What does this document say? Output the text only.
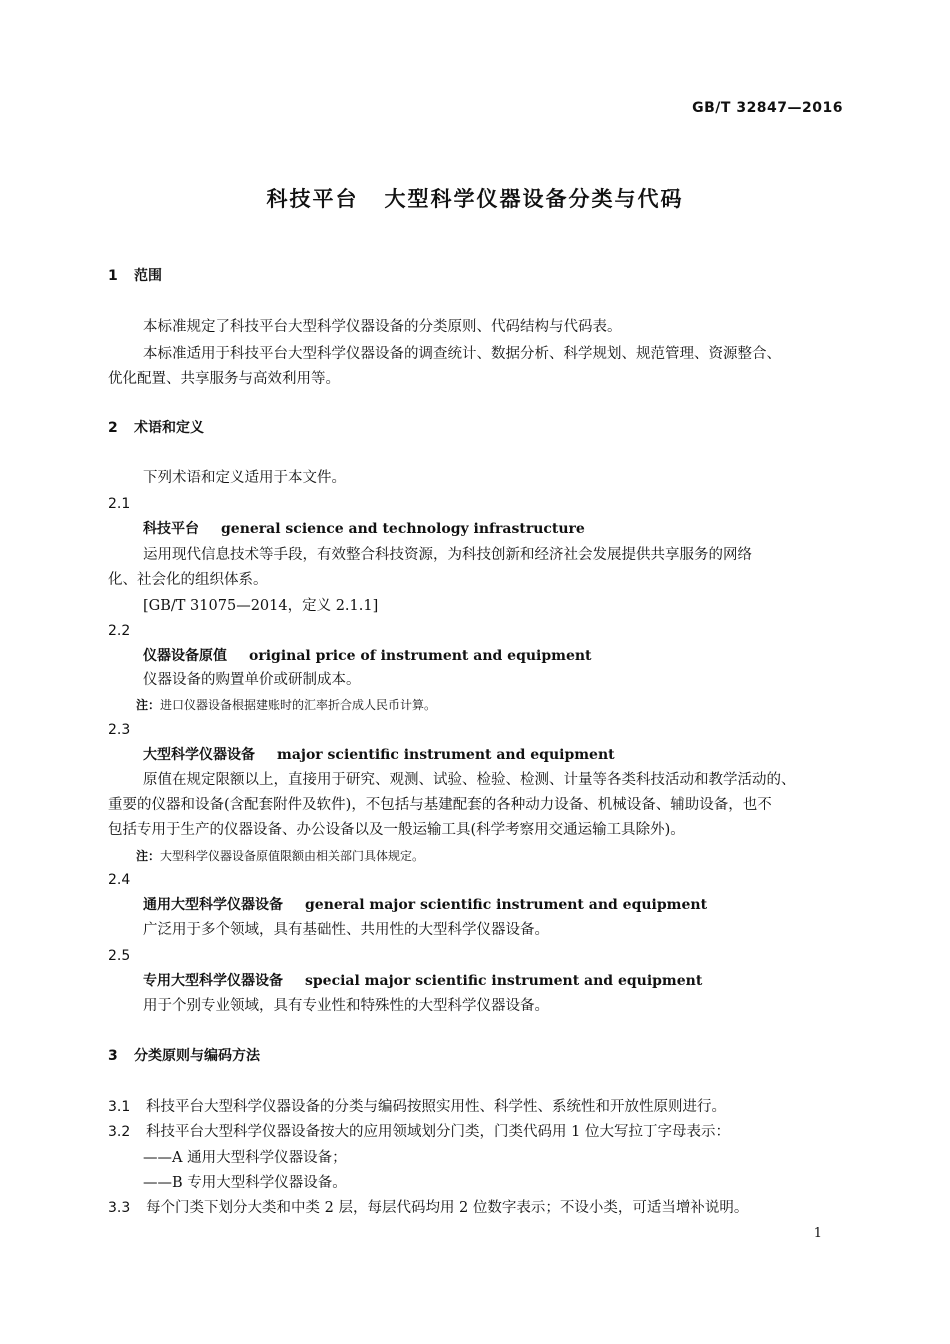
GB/T 32847—2016
科技平台 大型科学仪器设备分类与代码
1 范围
本标准规定了科技平台大型科学仪器设备的分类原则、代码结构与代码表。
本标准适用于科技平台大型科学仪器设备的调查统计、数据分析、科学规划、规范管理、资源整合、
优化配置、共享服务与高效利用等。
2 术语和定义
下列术语和定义适用于本文件。
2.1
科技平台 general science and technology infrastructure
运用现代信息技术等手段，有效整合科技资源，为科技创新和经济社会发展提供共享服务的网络
化、社会化的组织体系。
[GB/T 31075—2014，定义 2.1.1]
2.2
仪器设备原值 original price of instrument and equipment
仪器设备的购置单价或研制成本。
注：进口仪器设备根据建账时的汇率折合成人民币计算。
2.3
大型科学仪器设备 major scientific instrument and equipment
原值在规定限额以上，直接用于研究、观测、试验、检验、检测、计量等各类科技活动和教学活动的、
重要的仪器和设备(含配套附件及软件)，不包括与基建配套的各种动力设备、机械设备、辅助设备，也不
包括专用于生产的仪器设备、办公设备以及一般运输工具(科学考察用交通运输工具除外)。
注：大型科学仪器设备原值限额由相关部门具体规定。
2.4
通用大型科学仪器设备 general major scientific instrument and equipment
广泛用于多个领域，具有基础性、共用性的大型科学仪器设备。
2.5
专用大型科学仪器设备 special major scientific instrument and equipment
用于个别专业领域，具有专业性和特殊性的大型科学仪器设备。
3 分类原则与编码方法
3.1 科技平台大型科学仪器设备的分类与编码按照实用性、科学性、系统性和开放性原则进行。
3.2 科技平台大型科学仪器设备按大的应用领域划分门类，门类代码用 1 位大写拉丁字母表示：
——A 通用大型科学仪器设备；
——B 专用大型科学仪器设备。
3.3 每个门类下划分大类和中类 2 层，每层代码均用 2 位数字表示；不设小类，可适当增补说明。
1
